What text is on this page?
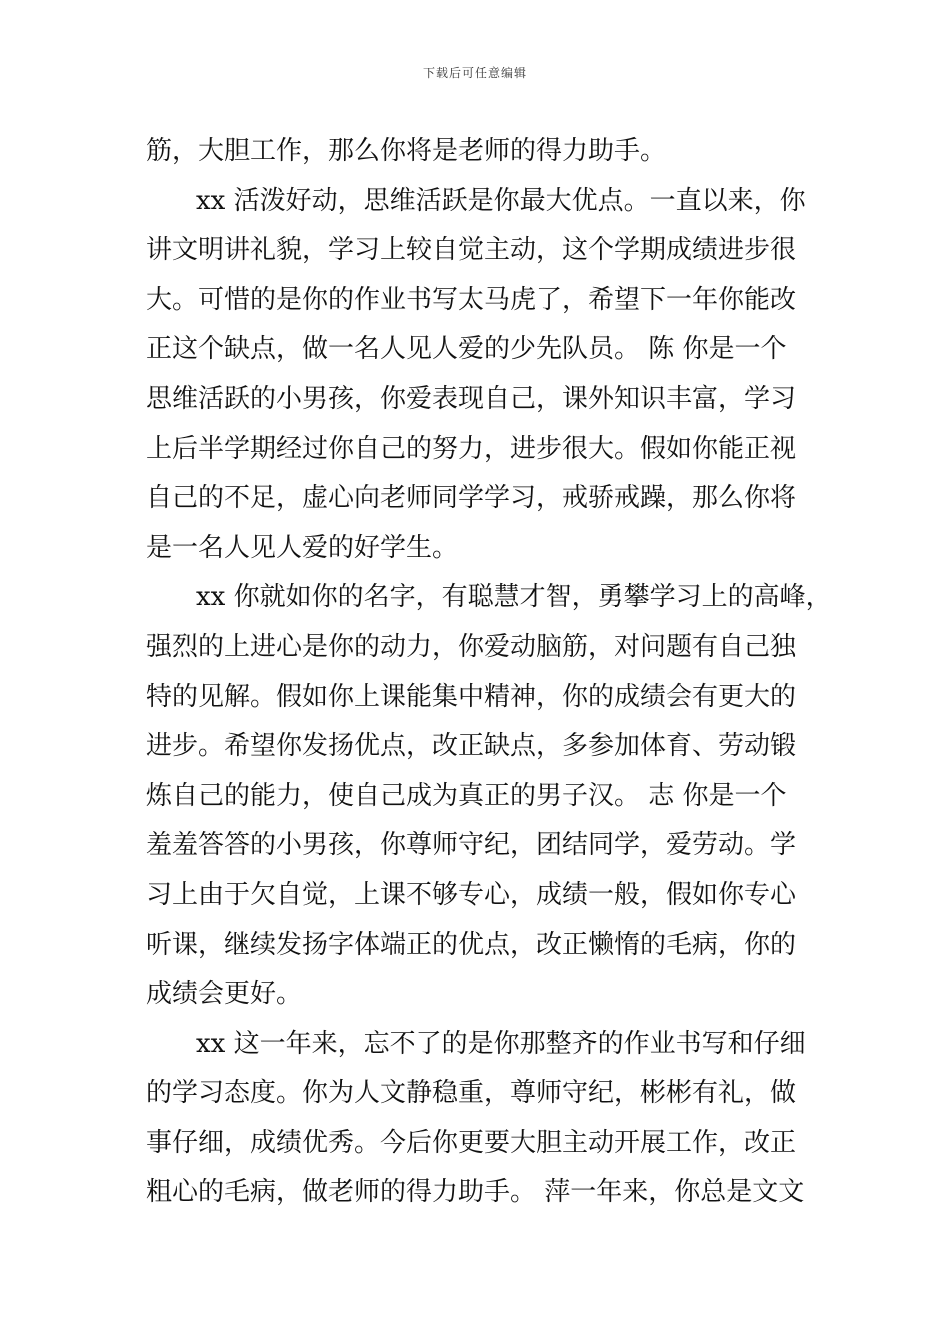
下载后可任意编辑
筋，大胆工作，那么你将是老师的得力助手。
xx 活泼好动，思维活跃是你最大优点。一直以来，你
讲文明讲礼貌，学习上较自觉主动，这个学期成绩进步很
大。可惜的是你的作业书写太马虎了，希望下一年你能改
正这个缺点，做一名人见人爱的少先队员。 陈 你是一个
思维活跃的小男孩，你爱表现自己，课外知识丰富，学习
上后半学期经过你自己的努力，进步很大。假如你能正视
自己的不足，虚心向老师同学学习，戒骄戒躁，那么你将
是一名人见人爱的好学生。
xx 你就如你的名字，有聪慧才智，勇攀学习上的高峰，
强烈的上进心是你的动力，你爱动脑筋，对问题有自己独
特的见解。假如你上课能集中精神，你的成绩会有更大的
进步。希望你发扬优点，改正缺点，多参加体育、劳动锻
炼自己的能力，使自己成为真正的男子汉。 志 你是一个
羞羞答答的小男孩，你尊师守纪，团结同学，爱劳动。学
习上由于欠自觉，上课不够专心，成绩一般，假如你专心
听课，继续发扬字体端正的优点，改正懒惰的毛病，你的
成绩会更好。
xx 这一年来，忘不了的是你那整齐的作业书写和仔细
的学习态度。你为人文静稳重，尊师守纪，彬彬有礼，做
事仔细，成绩优秀。今后你更要大胆主动开展工作，改正
粗心的毛病，做老师的得力助手。 萍一年来，你总是文文
